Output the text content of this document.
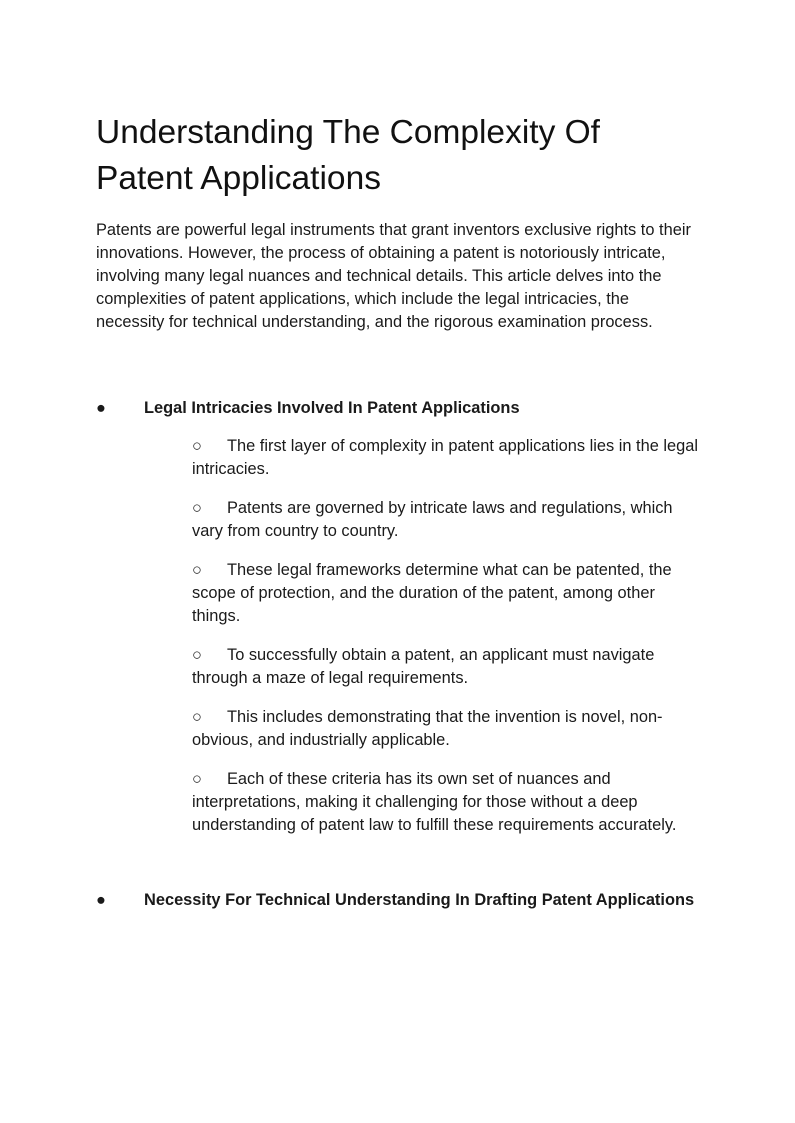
Understanding The Complexity Of Patent Applications

Patents are powerful legal instruments that grant inventors exclusive rights to their innovations. However, the process of obtaining a patent is notoriously intricate, involving many legal nuances and technical details. This article delves into the complexities of patent applications, which include the legal intricacies, the necessity for technical understanding, and the rigorous examination process.

● Legal Intricacies Involved In Patent Applications

○ The first layer of complexity in patent applications lies in the legal intricacies.
○ Patents are governed by intricate laws and regulations, which vary from country to country.
○ These legal frameworks determine what can be patented, the scope of protection, and the duration of the patent, among other things.
○ To successfully obtain a patent, an applicant must navigate through a maze of legal requirements.
○ This includes demonstrating that the invention is novel, non-obvious, and industrially applicable.
○ Each of these criteria has its own set of nuances and interpretations, making it challenging for those without a deep understanding of patent law to fulfill these requirements accurately.

● Necessity For Technical Understanding In Drafting Patent Applications
